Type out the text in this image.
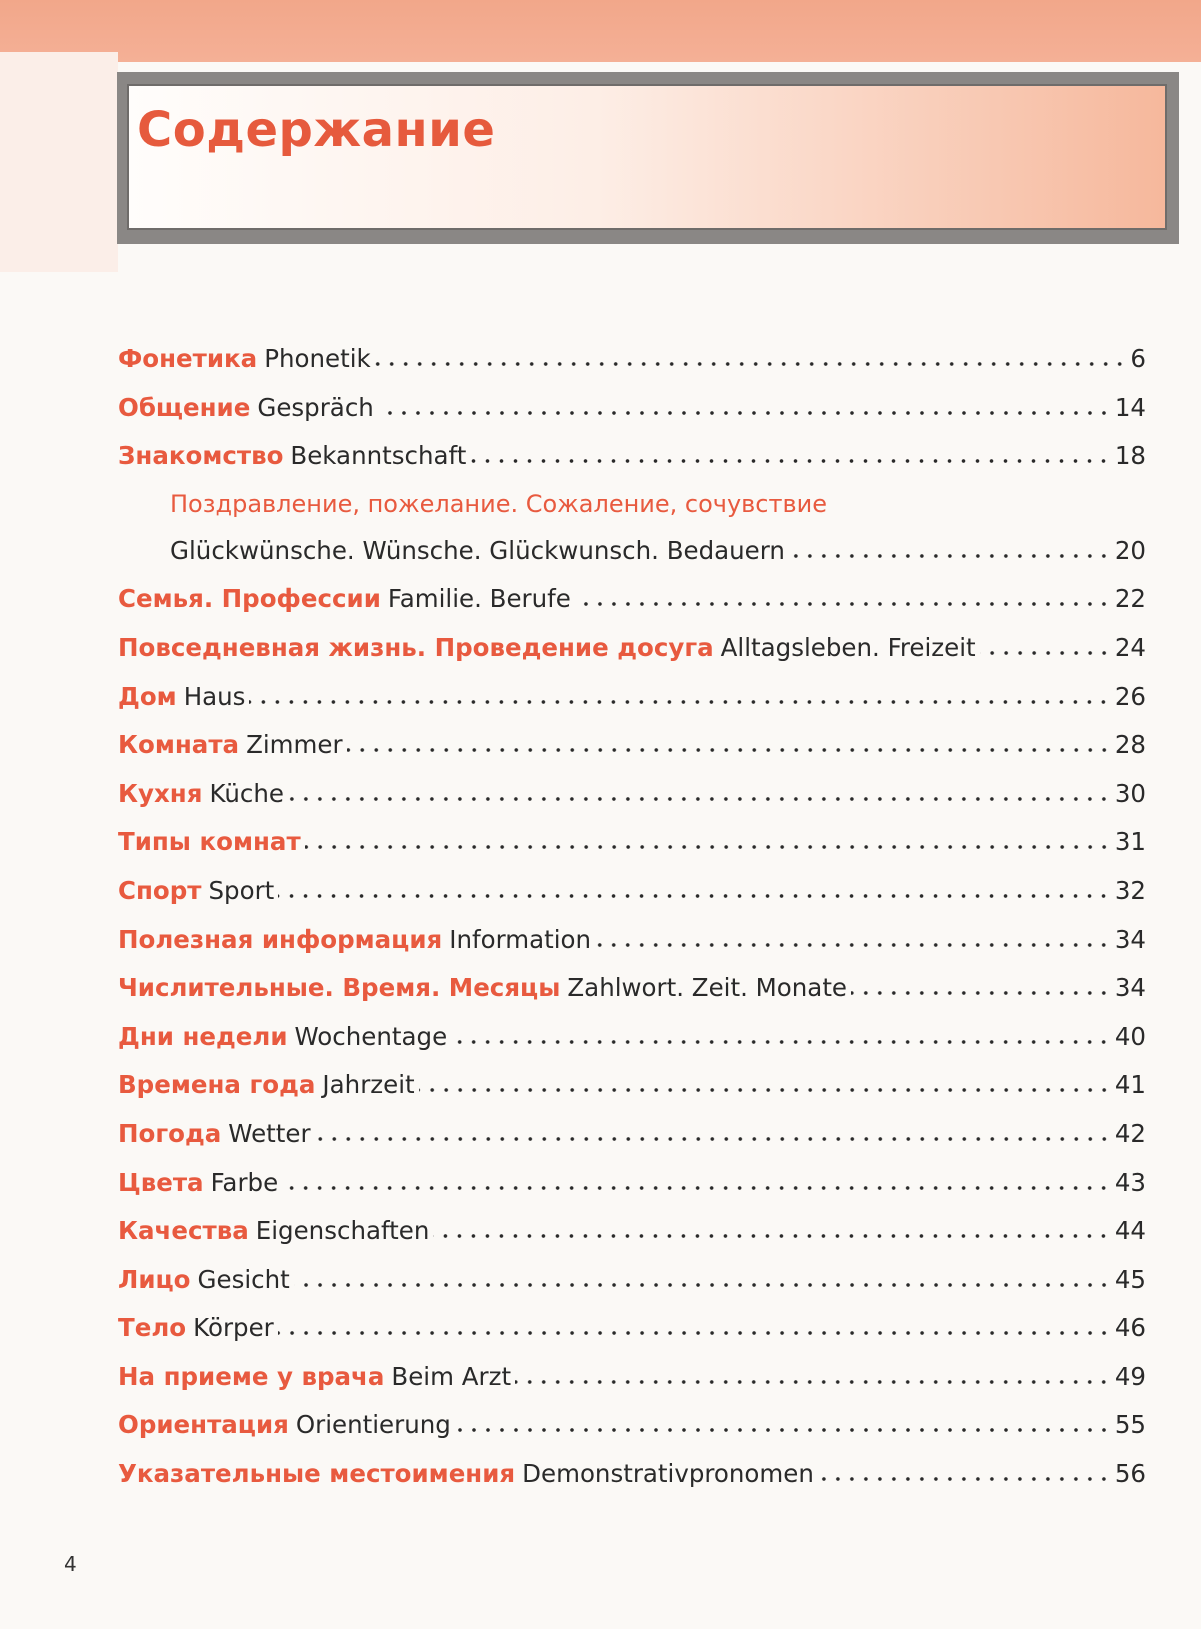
Содержание
Фонетика Phonetik	6
Общение Gespräch	14
Знакомство Bekanntschaft	18
Поздравление, пожелание. Сожаление, сочувствие
Glückwünsche. Wünsche. Glückwunsch. Bedauern	20
Семья. Профессии Familie. Berufe	22
Повседневная жизнь. Проведение досуга Alltagsleben. Freizeit	24
Дом Haus	26
Комната Zimmer	28
Кухня Küche	30
Типы комнат	31
Спорт Sport	32
Полезная информация Information	34
Числительные. Время. Месяцы Zahlwort. Zeit. Monate	34
Дни недели Wochentage	40
Времена года Jahrzeit	41
Погода Wetter	42
Цвета Farbe	43
Качества Eigenschaften	44
Лицо Gesicht	45
Тело Körper	46
На приеме у врача Beim Arzt	49
Ориентация Orientierung	55
Указательные местоимения Demonstrativpronomen	56
4
